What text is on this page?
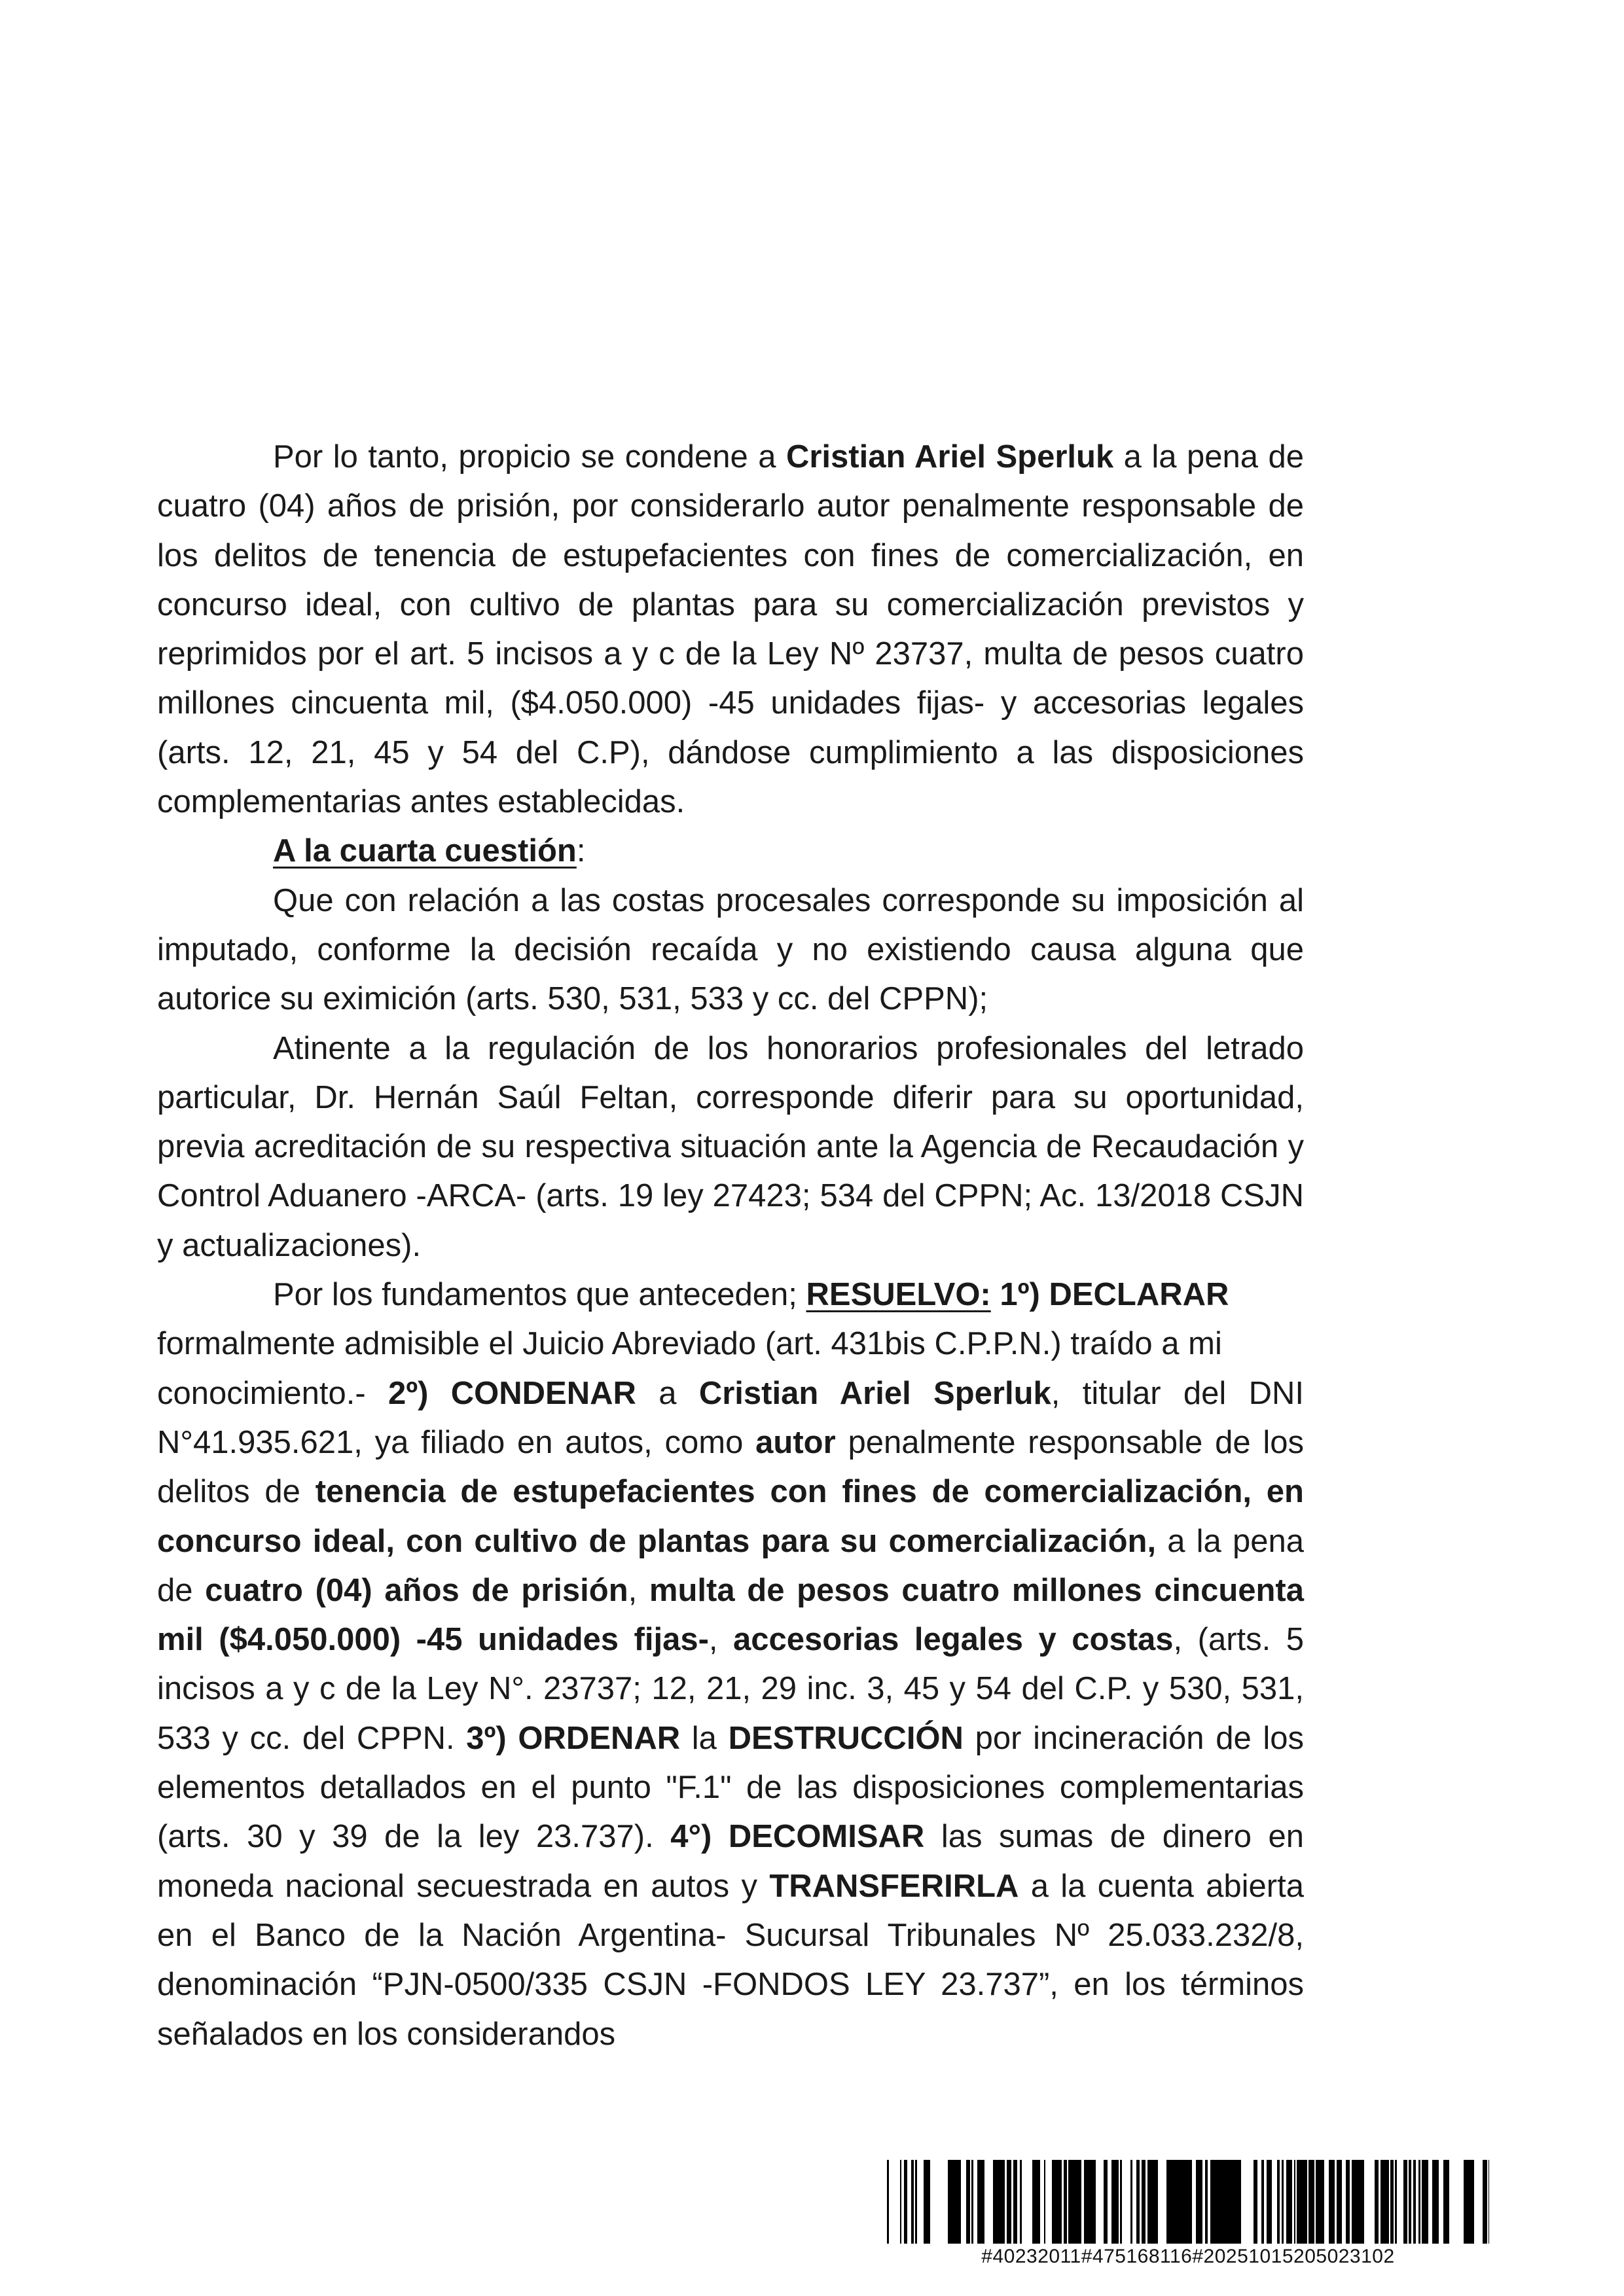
Por lo tanto, propicio se condene a Cristian Ariel Sperluk a la pena de cuatro (04) años de prisión, por considerarlo autor penalmente responsable de los delitos de tenencia de estupefacientes con fines de comercialización, en concurso ideal, con cultivo de plantas para su comercialización previstos y reprimidos por el art. 5 incisos a y c de la Ley Nº 23737, multa de pesos cuatro millones cincuenta mil, ($4.050.000) -45 unidades fijas- y accesorias legales (arts. 12, 21, 45 y 54 del C.P), dándose cumplimiento a las disposiciones complementarias antes establecidas.

A la cuarta cuestión:

Que con relación a las costas procesales corresponde su imposición al imputado, conforme la decisión recaída y no existiendo causa alguna que autorice su eximición (arts. 530, 531, 533 y cc. del CPPN);

Atinente a la regulación de los honorarios profesionales del letrado particular, Dr. Hernán Saúl Feltan, corresponde diferir para su oportunidad, previa acreditación de su respectiva situación ante la Agencia de Recaudación y Control Aduanero -ARCA- (arts. 19 ley 27423; 534 del CPPN; Ac. 13/2018 CSJN y actualizaciones).

Por los fundamentos que anteceden; RESUELVO: 1º) DECLARAR formalmente admisible el Juicio Abreviado (art. 431bis C.P.P.N.) traído a mi

conocimiento.- 2º) CONDENAR a Cristian Ariel Sperluk, titular del DNI N°41.935.621, ya filiado en autos, como autor penalmente responsable de los delitos de tenencia de estupefacientes con fines de comercialización, en concurso ideal, con cultivo de plantas para su comercialización, a la pena de cuatro (04) años de prisión, multa de pesos cuatro millones cincuenta mil ($4.050.000) -45 unidades fijas-, accesorias legales y costas, (arts. 5 incisos a y c de la Ley N°. 23737; 12, 21, 29 inc. 3, 45 y 54 del C.P. y 530, 531, 533 y cc. del CPPN. 3º) ORDENAR la DESTRUCCIÓN por incineración de los elementos detallados en el punto "F.1" de las disposiciones complementarias (arts. 30 y 39 de la ley 23.737). 4°) DECOMISAR las sumas de dinero en moneda nacional secuestrada en autos y TRANSFERIRLA a la cuenta abierta en el Banco de la Nación Argentina- Sucursal Tribunales Nº 25.033.232/8, denominación “PJN-0500/335 CSJN -FONDOS LEY 23.737”, en los términos señalados en los considerandos

#40232011#475168116#20251015205023102
